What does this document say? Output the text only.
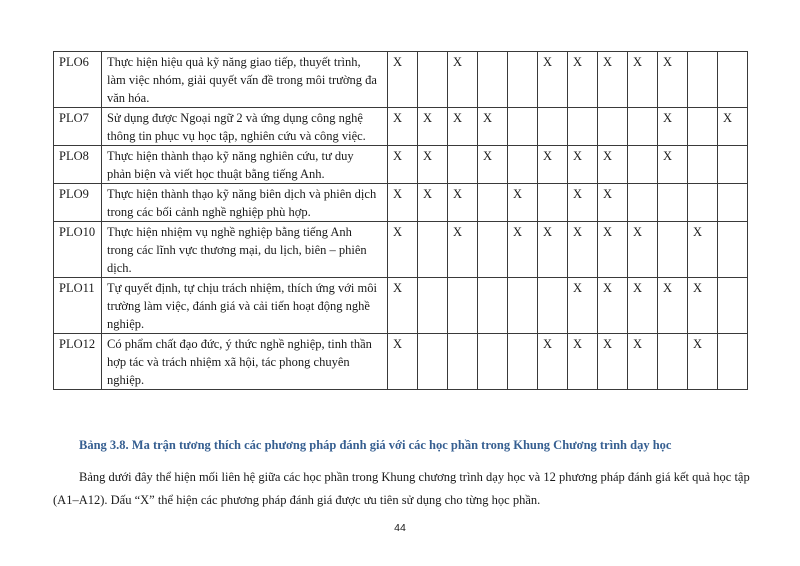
PLO6	Thực hiện hiệu quả kỹ năng giao tiếp, thuyết trình,
làm việc nhóm, giải quyết vấn đề trong môi trường đa
văn hóa.	X		X			X	X	X	X	X		
PLO7	Sử dụng được Ngoại ngữ 2 và ứng dụng công nghệ
thông tin phục vụ học tập, nghiên cứu và công việc.	X	X	X	X						X		X
PLO8	Thực hiện thành thạo kỹ năng nghiên cứu, tư duy
phản biện và viết học thuật bằng tiếng Anh.	X	X		X		X	X	X		X		
PLO9	Thực hiện thành thạo kỹ năng biên dịch và phiên dịch
trong các bối cảnh nghề nghiệp phù hợp.	X	X	X		X		X	X				
PLO10	Thực hiện nhiệm vụ nghề nghiệp bằng tiếng Anh
trong các lĩnh vực thương mại, du lịch, biên – phiên
dịch.	X		X		X	X	X	X	X		X	
PLO11	Tự quyết định, tự chịu trách nhiệm, thích ứng với môi
trường làm việc, đánh giá và cải tiến hoạt động nghề
nghiệp.	X						X	X	X	X	X	
PLO12	Có phẩm chất đạo đức, ý thức nghề nghiệp, tinh thần
hợp tác và trách nhiệm xã hội, tác phong chuyên
nghiệp.	X					X	X	X	X		X	
Bảng 3.8. Ma trận tương thích các phương pháp đánh giá với các học phần trong Khung Chương trình dạy học
Bảng dưới đây thể hiện mối liên hệ giữa các học phần trong Khung chương trình dạy học và 12 phương pháp đánh giá kết quả học tập
(A1–A12). Dấu “X” thể hiện các phương pháp đánh giá được ưu tiên sử dụng cho từng học phần.
44
